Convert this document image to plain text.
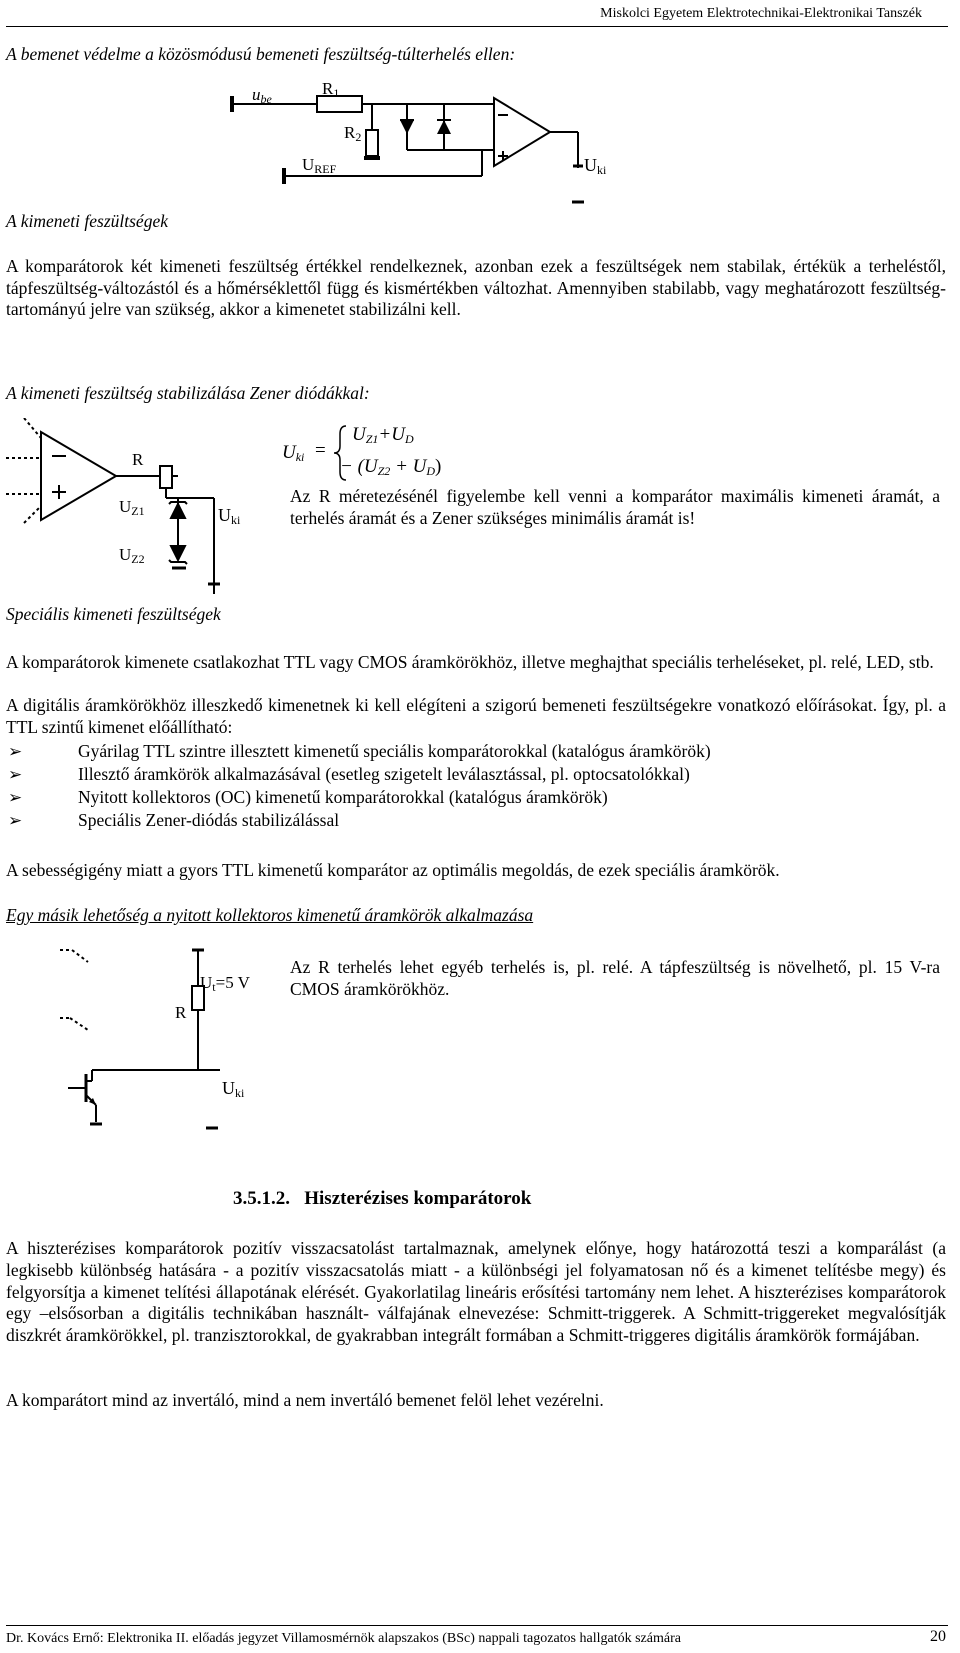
Miskolci Egyetem Elektrotechnikai-Elektronikai Tanszék
A bemenet védelme a közösmódusú bemeneti feszültség-túlterhelés ellen:
$u_{be}$
$R_1$
$R_2$
$U_{REF}$	$U_{ki}$
A kimeneti feszültségek

A komparátorok két kimeneti feszültség értékkel rendelkeznek, azonban ezek a feszültségek nem stabilak, értékük a terheléstől, tápfeszültség-változástól és a hőmérséklettől függ és kismértékben változhat. Amennyiben stabilabb, vagy meghatározott feszültség-tartományú jelre van szükség, akkor a kimenetet stabilizálni kell.

A kimeneti feszültség stabilizálása Zener diódákkal:
R
$U_{Z1}$
$U_{Z2}$
$U_{ki}$
$U_{ki}$ =
$U_{Z1}+U_D$
− $(U_{Z2} + U_D)$

Az R méretezésénél figyelembe kell venni a komparátor maximális kimeneti áramát, a terhelés áramát és a Zener szükséges minimális áramát is!

Speciális kimeneti feszültségek

A komparátorok kimenete csatlakozhat TTL vagy CMOS áramkörökhöz, illetve meghajthat speciális terheléseket, pl. relé, LED, stb.

A digitális áramkörökhöz illeszkedő kimenetnek ki kell elégíteni a szigorú bemeneti feszültségekre vonatkozó előírásokat. Így, pl. a TTL szintű kimenet előállítható:

➢	Gyárilag TTL szintre illesztett kimenetű speciális komparátorokkal (katalógus áramkörök)
➢	Illesztő áramkörök alkalmazásával (esetleg szigetelt leválasztással, pl. optocsatolókkal)
➢	Nyitott kollektoros (OC) kimenetű komparátorokkal (katalógus áramkörök)
➢	Speciális Zener-diódás stabilizálással

A sebességigény miatt a gyors TTL kimenetű komparátor az optimális megoldás, de ezek speciális áramkörök.

Egy másik lehetőség a nyitott kollektoros kimenetű áramkörök alkalmazása
$U_t=5$ V
R
$U_{ki}$

Az R terhelés lehet egyéb terhelés is, pl. relé. A tápfeszültség is növelhető, pl. 15 V-ra CMOS áramkörökhöz.

3.5.1.2. Hiszterézises komparátorok

A hiszterézises komparátorok pozitív visszacsatolást tartalmaznak, amelynek előnye, hogy határozottá teszi a komparálást (a legkisebb különbség hatására - a pozitív visszacsatolás miatt - a különbségi jel folyamatosan nő és a kimenet telítésbe megy) és felgyorsítja a kimenet telítési állapotának elérését. Gyakorlatilag lineáris erősítési tartomány nem lehet. A hiszterézises komparátorok egy –elsősorban a digitális technikában használt- válfajának elnevezése: Schmitt-triggerek. A Schmitt-triggereket megvalósítják diszkrét áramkörökkel, pl. tranzisztorokkal, de gyakrabban integrált formában a Schmitt-triggeres digitális áramkörök formájában.

A komparátort mind az invertáló, mind a nem invertáló bemenet felöl lehet vezérelni.

Dr. Kovács Ernő: Elektronika II. előadás jegyzet Villamosmérnök alapszakos (BSc) nappali tagozatos hallgatók számára	20
